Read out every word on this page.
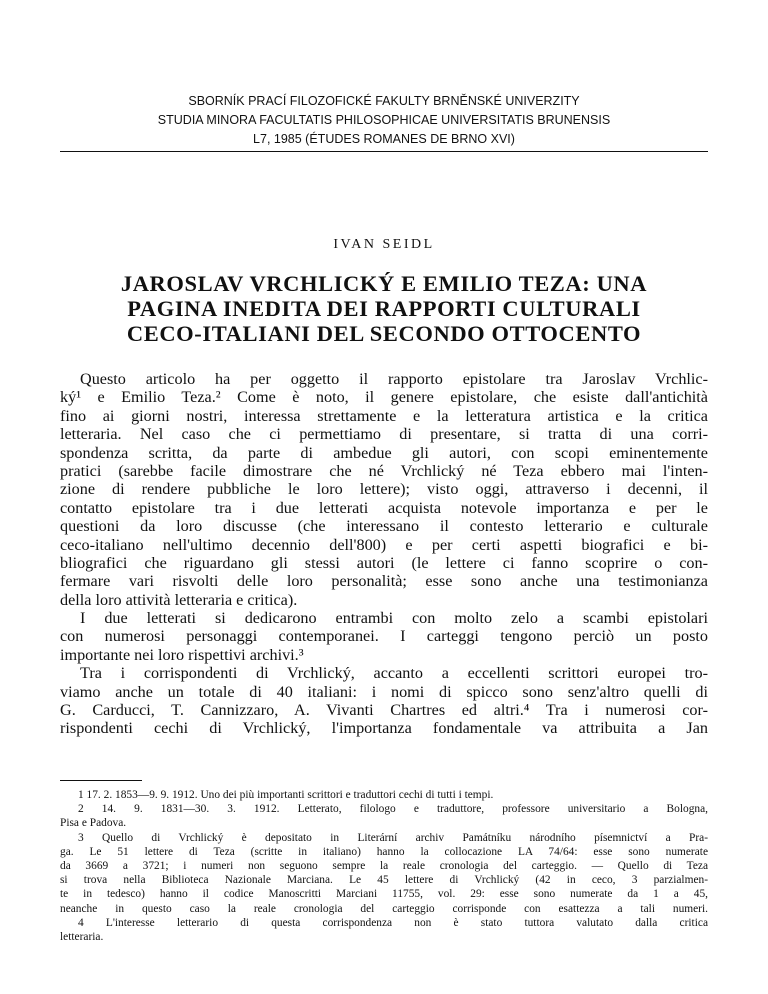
SBORNÍK PRACÍ FILOZOFICKÉ FAKULTY BRNĚNSKÉ UNIVERZITY
STUDIA MINORA FACULTATIS PHILOSOPHICAE UNIVERSITATIS BRUNENSIS
L7, 1985 (ÉTUDES ROMANES DE BRNO XVI)
IVAN SEIDL
JAROSLAV VRCHLICKÝ E EMILIO TEZA: UNA
PAGINA INEDITA DEI RAPPORTI CULTURALI
CECO-ITALIANI DEL SECONDO OTTOCENTO
Questo articolo ha per oggetto il rapporto epistolare tra Jaroslav Vrchlic-
ký¹ e Emilio Teza.² Come è noto, il genere epistolare, che esiste dall'antichità
fino ai giorni nostri, interessa strettamente e la letteratura artistica e la critica
letteraria. Nel caso che ci permettiamo di presentare, si tratta di una corri-
spondenza scritta, da parte di ambedue gli autori, con scopi eminentemente
pratici (sarebbe facile dimostrare che né Vrchlický né Teza ebbero mai l'inten-
zione di rendere pubbliche le loro lettere); visto oggi, attraverso i decenni, il
contatto epistolare tra i due letterati acquista notevole importanza e per le
questioni da loro discusse (che interessano il contesto letterario e culturale
ceco-italiano nell'ultimo decennio dell'800) e per certi aspetti biografici e bi-
bliografici che riguardano gli stessi autori (le lettere ci fanno scoprire o con-
fermare vari risvolti delle loro personalità; esse sono anche una testimonianza
della loro attività letteraria e critica).
I due letterati si dedicarono entrambi con molto zelo a scambi epistolari
con numerosi personaggi contemporanei. I carteggi tengono perciò un posto
importante nei loro rispettivi archivi.³
Tra i corrispondenti di Vrchlický, accanto a eccellenti scrittori europei tro-
viamo anche un totale di 40 italiani: i nomi di spicco sono senz'altro quelli di
G. Carducci, T. Cannizzaro, A. Vivanti Chartres ed altri.⁴ Tra i numerosi cor-
rispondenti cechi di Vrchlický, l'importanza fondamentale va attribuita a Jan
1 17. 2. 1853—9. 9. 1912. Uno dei più importanti scrittori e traduttori cechi di tutti i tempi.
2 14. 9. 1831—30. 3. 1912. Letterato, filologo e traduttore, professore universitario a Bologna,
Pisa e Padova.
3 Quello di Vrchlický è depositato in Literární archiv Památníku národního písemnictví a Pra-
ga. Le 51 lettere di Teza (scritte in italiano) hanno la collocazione LA 74/64: esse sono numerate
da 3669 a 3721; i numeri non seguono sempre la reale cronologia del carteggio. — Quello di Teza
si trova nella Biblioteca Nazionale Marciana. Le 45 lettere di Vrchlický (42 in ceco, 3 parzialmen-
te in tedesco) hanno il codice Manoscritti Marciani 11755, vol. 29: esse sono numerate da 1 a 45,
neanche in questo caso la reale cronologia del carteggio corrisponde con esattezza a tali numeri.
4 L'interesse letterario di questa corrispondenza non è stato tuttora valutato dalla critica
letteraria.
